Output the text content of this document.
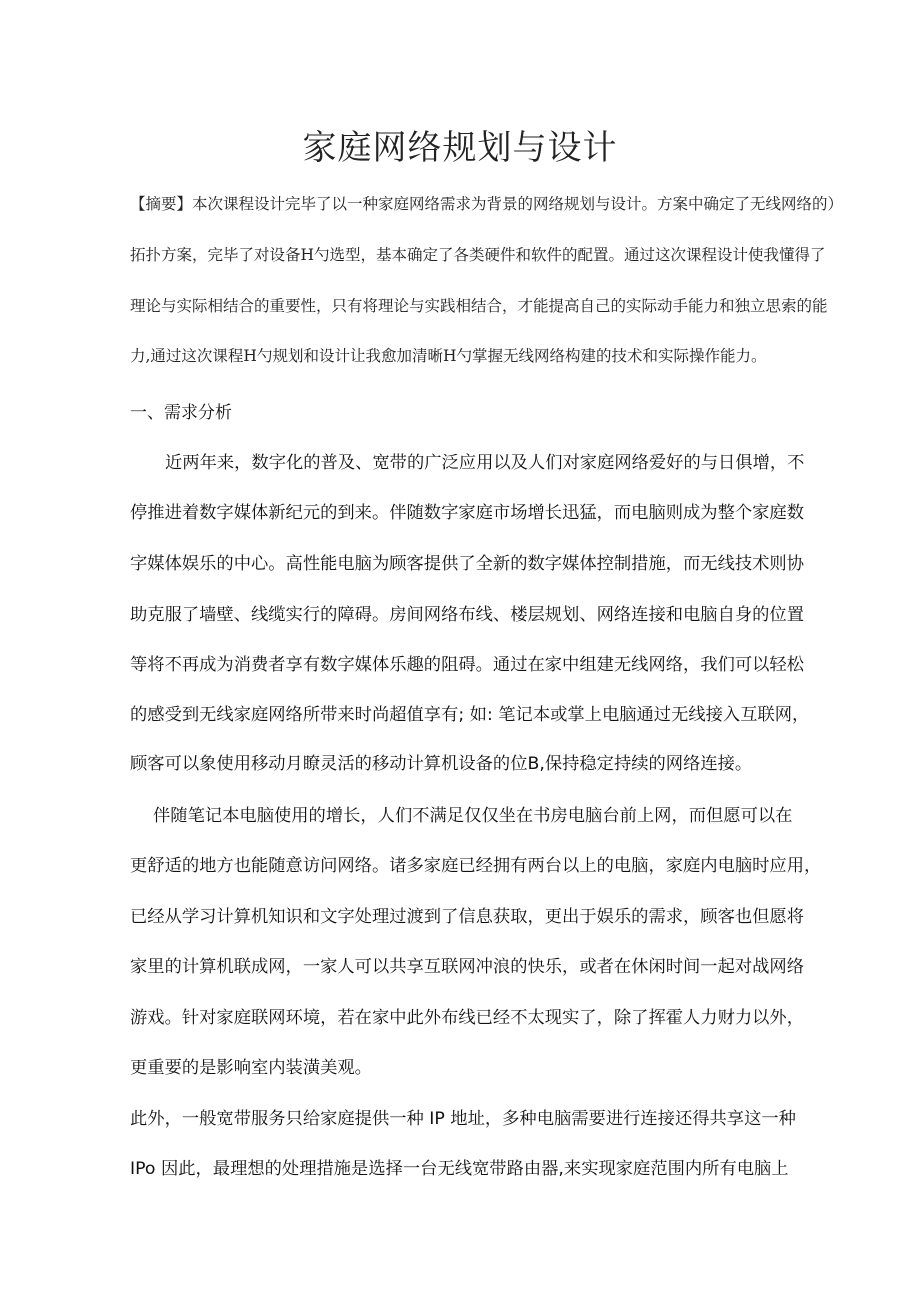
家庭网络规划与设计
【摘要】本次课程设计完毕了以一种家庭网络需求为背景的网络规划与设计。方案中确定了无线网络的）
拓扑方案，完毕了对设备H勺选型，基本确定了各类硬件和软件的配置。通过这次课程设计使我懂得了
理论与实际相结合的重要性，只有将理论与实践相结合，才能提高自己的实际动手能力和独立思索的能
力,通过这次课程H勺规划和设计让我愈加清晰H勺掌握无线网络构建的技术和实际操作能力。
一、需求分析
近两年来，数字化的普及、宽带的广泛应用以及人们对家庭网络爱好的与日俱增，不
停推进着数字媒体新纪元的到来。伴随数字家庭市场增长迅猛，而电脑则成为整个家庭数
字媒体娱乐的中心。高性能电脑为顾客提供了全新的数字媒体控制措施，而无线技术则协
助克服了墙壁、线缆实行的障碍。房间网络布线、楼层规划、网络连接和电脑自身的位置
等将不再成为消费者享有数字媒体乐趣的阻碍。通过在家中组建无线网络，我们可以轻松
的感受到无线家庭网络所带来时尚超值享有; 如: 笔记本或掌上电脑通过无线接入互联网，
顾客可以象使用移动月瞭灵活的移动计算机设备的位B,保持稳定持续的网络连接。
伴随笔记本电脑使用的增长，人们不满足仅仅坐在书房电脑台前上网，而但愿可以在
更舒适的地方也能随意访问网络。诸多家庭已经拥有两台以上的电脑，家庭内电脑时应用，
已经从学习计算机知识和文字处理过渡到了信息获取，更出于娱乐的需求，顾客也但愿将
家里的计算机联成网，一家人可以共享互联网冲浪的快乐，或者在休闲时间一起对战网络
游戏。针对家庭联网环境，若在家中此外布线已经不太现实了，除了挥霍人力财力以外，
更重要的是影响室内装潢美观。
此外，一般宽带服务只给家庭提供一种 IP 地址，多种电脑需要进行连接还得共享这一种
IPo 因此，最理想的处理措施是选择一台无线宽带路由器,来实现家庭范围内所有电脑上
